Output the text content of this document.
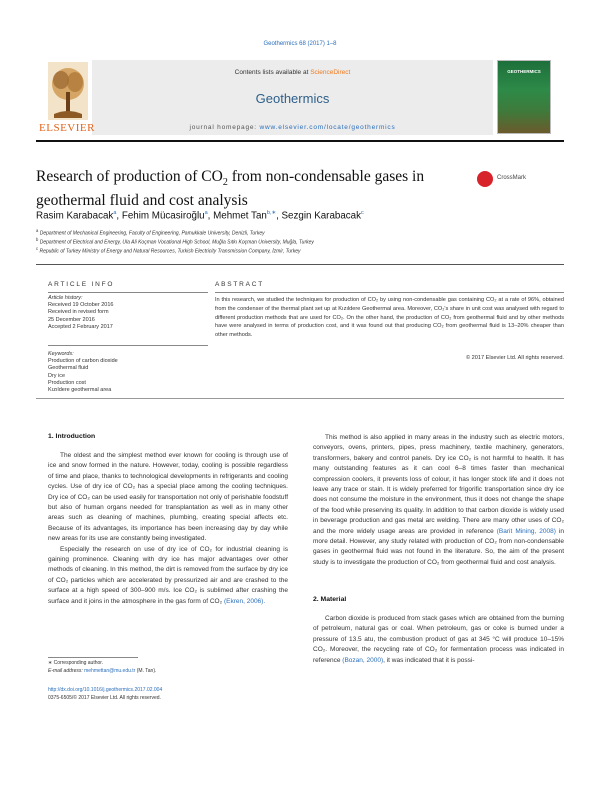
Geothermics 68 (2017) 1–8
Contents lists available at ScienceDirect
Geothermics
journal homepage: www.elsevier.com/locate/geothermics
ELSEVIER
GEOTHERMICS
Research of production of $CO_2$ from non-condensable gases in geothermal fluid and cost analysis
CrossMark
Rasim Karabacak$^a$, Fehim Mücasiroğlu$^a$, Mehmet Tan$^{b,∗}$, Sezgin Karabacak$^c$
$^a$ Department of Mechanical Engineering, Faculty of Engineering, Pamukkale University, Denizli, Turkey
$^b$ Department of Electrical and Energy, Ula Ali Koçman Vocational High School, Muğla Sıtkı Koçman University, Muğla, Turkey
$^c$ Republic of Turkey Ministry of Energy and Natural Resources, Turkish Electricity Transmission Company, İzmir, Turkey
ARTICLE INFO
Article history:
Received 19 October 2016
Received in revised form
25 December 2016
Accepted 2 February 2017
Keywords:
Production of carbon dioxide
Geothermal fluid
Dry ice
Production cost
Kızıldere geothermal area
ABSTRACT
In this research, we studied the techniques for production of CO₂ by using non-condensable gas containing CO₂ at a rate of 96%, obtained from the condenser of the thermal plant set up at Kızıldere Geothermal area. Moreover, CO₂'s share in unit cost was analysed with regard to different production methods that are used for CO₂. On the other hand, the production of CO₂ from geothermal fluid and by other methods have were analysed in terms of production cost, and it was found out that producing CO₂ from geothermal fluid is 13–20% cheaper than other methods.
© 2017 Elsevier Ltd. All rights reserved.
1. Introduction

The oldest and the simplest method ever known for cooling is through use of ice and snow formed in the nature. However, today, cooling is possible regardless of time and place, thanks to technological developments in refrigerants and cooling cycles. Use of dry ice of CO₂ has a special place among the cooling techniques. Dry ice of CO₂ can be used easily for transportation not only of perishable foodstuff but also of human organs needed for transplantation as well as in many other areas such as cleaning of machines, plumbing, creating special affects etc. Because of its advantages, its importance has been increasing day by day while new areas for its use are constantly being investigated.

Especially the research on use of dry ice of CO₂ for industrial cleaning is gaining prominence. Cleaning with dry ice has major advantages over other methods of cleaning. In this method, the dirt is removed from the surface by dry ice of CO₂ particles which are accelerated by pressurized air and are crashed to the surface at a high speed of 300–900 m/s. Ice CO₂ is sublimed after crashing the surface and it joins in the atmosphere in the gas form of CO₂ (Ekren, 2006).

This method is also applied in many areas in the industry such as electric motors, conveyors, ovens, printers, pipes, press machinery, textile machinery, generators, transformers, bakery and control panels. Dry ice CO₂ is not harmful to health. It has many outstanding features as it can cool 6–8 times faster than mechanical compression coolers, it prevents loss of colour, it has longer stock life and it does not leave any trace or stain. It is widely preferred for frigorific transportation since dry ice does not consume the moisture in the environment, thus it does not change the shape of the food while preserving its quality. In addition to that carbon dioxide is widely used in beverage production and gas metal arc welding. There are many other uses of CO₂ and the more widely usage areas are provided in reference (Barit Mining, 2008) in more detail. However, any study related with production of CO₂ from non-condensable gases in geothermal fluid was not found in the literature. So, the aim of the present study is to investigate the production of CO₂ from geothermal fluid and cost analysis.

2. Material

Carbon dioxide is produced from stack gases which are obtained from the burning of petroleum, natural gas or coal. When petroleum, gas or coke is burned under a pressure of 13.5 atu, the combustion product of gas at 345 °C will produce 10–15% CO₂. Moreover, the recycling rate of CO₂ for fermentation process was indicated in reference (Bozan, 2000), it was indicated that it is possi-

∗ Corresponding author.
E-mail address: mehmettan@mu.edu.tr (M. Tan).
http://dx.doi.org/10.1016/j.geothermics.2017.02.004
0375-6505/© 2017 Elsevier Ltd. All rights reserved.
